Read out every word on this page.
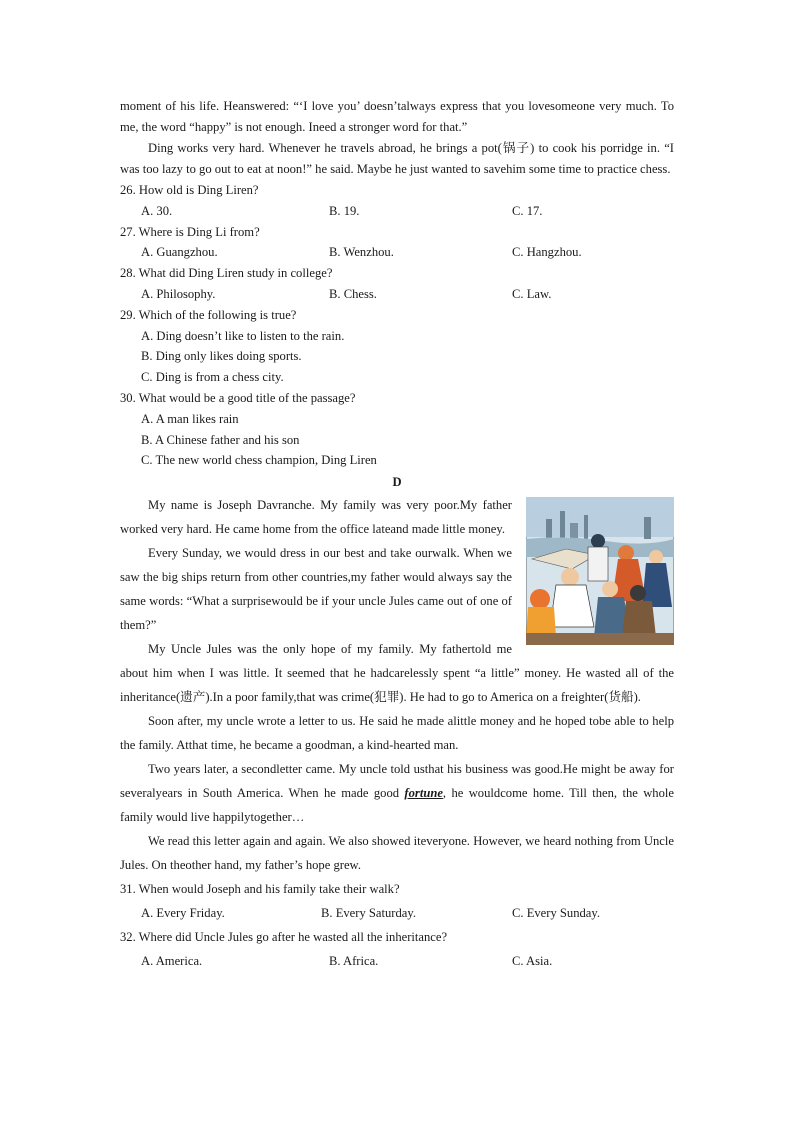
moment of his life. Heanswered: “‘I love you’ doesn’talways express that you lovesomeone very much. To me, the word “happy” is not enough. Ineed a stronger word for that.”

Ding works very hard. Whenever he travels abroad, he brings a pot(锅子) to cook his porridge in. “I was too lazy to go out to eat at noon!” he said. Maybe he just wanted to savehim some time to practice chess.

26. How old is Ding Liren?

A. 30.	B. 19.	C. 17.

27. Where is Ding Li from?

A. Guangzhou.	B. Wenzhou.	C. Hangzhou.

28. What did Ding Liren study in college?

A. Philosophy.	B. Chess.	C. Law.

29. Which of the following is true?

A. Ding doesn’t like to listen to the rain.

B. Ding only likes doing sports.

C. Ding is from a chess city.

30. What would be a good title of the passage?

A. A man likes rain

B. A Chinese father and his son

C. The new world chess champion, Ding Liren

D

My name is Joseph Davranche. My family was very poor.My father worked very hard. He came home from the office lateand made little money.

Every Sunday, we would dress in our best and take ourwalk. When we saw the big ships return from other countries,my father would always say the same words: “What a surprisewould be if your uncle Jules came out of one of them?”

My Uncle Jules was the only hope of my family. My fathertold me about him when I was little. It seemed that he hadcarelessly spent “a little” money. He wasted all of the inheritance(遗产).In a poor family,that was crime(犯罪). He had to go to America on a freighter(货船).

Soon after, my uncle wrote a letter to us. He said he made alittle money and he hoped tobe able to help the family. Atthat time, he became a goodman, a kind-hearted man.

Two years later, a secondletter came. My uncle told usthat his business was good.He might be away for severalyears in South America. When he made good fortune, he wouldcome home. Till then, the whole family would live happilytogether…

We read this letter again and again. We also showed iteveryone. However, we heard nothing from Uncle Jules. On theother hand, my father’s hope grew.

31. When would Joseph and his family take their walk?

A. Every Friday.	B. Every Saturday.	C. Every Sunday.

32. Where did Uncle Jules go after he wasted all the inheritance?

A. America.	B. Africa.	C. Asia.
